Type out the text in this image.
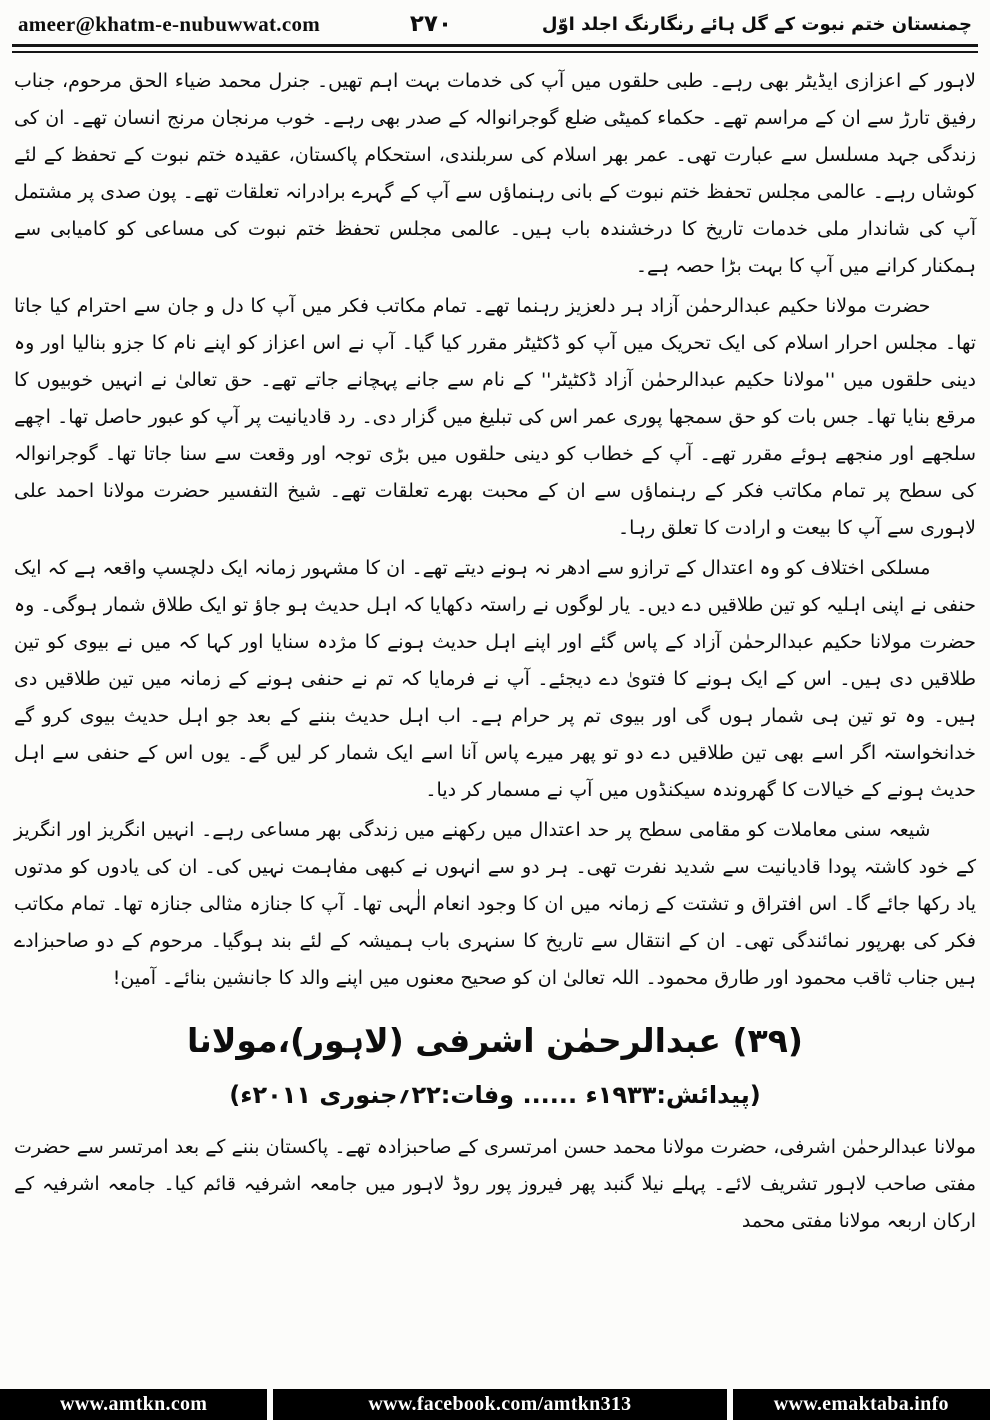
ameer@khatm-e-nubuwwat.com	۲۷۰	چمنستان ختم نبوت کے گل ہائے رنگارنگ اجلد اوّل

لاہور کے اعزازی ایڈیٹر بھی رہے۔ طبی حلقوں میں آپ کی خدمات بہت اہم تھیں۔ جنرل محمد ضیاء الحق مرحوم، جناب رفیق تارڑ سے ان کے مراسم تھے۔ حکماء کمیٹی ضلع گوجرانوالہ کے صدر بھی رہے۔ خوب مرنجان مرنج انسان تھے۔ ان کی زندگی جہد مسلسل سے عبارت تھی۔ عمر بھر اسلام کی سربلندی، استحکام پاکستان، عقیدہ ختم نبوت کے تحفظ کے لئے کوشاں رہے۔ عالمی مجلس تحفظ ختم نبوت کے بانی رہنماؤں سے آپ کے گہرے برادرانہ تعلقات تھے۔ پون صدی پر مشتمل آپ کی شاندار ملی خدمات تاریخ کا درخشندہ باب ہیں۔ عالمی مجلس تحفظ ختم نبوت کی مساعی کو کامیابی سے ہمکنار کرانے میں آپ کا بہت بڑا حصہ ہے۔

حضرت مولانا حکیم عبدالرحمٰن آزاد ہر دلعزیز رہنما تھے۔ تمام مکاتب فکر میں آپ کا دل و جان سے احترام کیا جاتا تھا۔ مجلس احرار اسلام کی ایک تحریک میں آپ کو ڈکٹیٹر مقرر کیا گیا۔ آپ نے اس اعزاز کو اپنے نام کا جزو بنالیا اور وہ دینی حلقوں میں ''مولانا حکیم عبدالرحمٰن آزاد ڈکٹیٹر'' کے نام سے جانے پہچانے جاتے تھے۔ حق تعالیٰ نے انہیں خوبیوں کا مرقع بنایا تھا۔ جس بات کو حق سمجھا پوری عمر اس کی تبلیغ میں گزار دی۔ رد قادیانیت پر آپ کو عبور حاصل تھا۔ اچھے سلجھے اور منجھے ہوئے مقرر تھے۔ آپ کے خطاب کو دینی حلقوں میں بڑی توجہ اور وقعت سے سنا جاتا تھا۔ گوجرانوالہ کی سطح پر تمام مکاتب فکر کے رہنماؤں سے ان کے محبت بھرے تعلقات تھے۔ شیخ التفسیر حضرت مولانا احمد علی لاہوری سے آپ کا بیعت و ارادت کا تعلق رہا۔

مسلکی اختلاف کو وہ اعتدال کے ترازو سے ادھر نہ ہونے دیتے تھے۔ ان کا مشہور زمانہ ایک دلچسپ واقعہ ہے کہ ایک حنفی نے اپنی اہلیہ کو تین طلاقیں دے دیں۔ یار لوگوں نے راستہ دکھایا کہ اہل حدیث ہو جاؤ تو ایک طلاق شمار ہوگی۔ وہ حضرت مولانا حکیم عبدالرحمٰن آزاد کے پاس گئے اور اپنے اہل حدیث ہونے کا مژدہ سنایا اور کہا کہ میں نے بیوی کو تین طلاقیں دی ہیں۔ اس کے ایک ہونے کا فتویٰ دے دیجئے۔ آپ نے فرمایا کہ تم نے حنفی ہونے کے زمانہ میں تین طلاقیں دی ہیں۔ وہ تو تین ہی شمار ہوں گی اور بیوی تم پر حرام ہے۔ اب اہل حدیث بننے کے بعد جو اہل حدیث بیوی کرو گے خدانخواستہ اگر اسے بھی تین طلاقیں دے دو تو پھر میرے پاس آنا اسے ایک شمار کر لیں گے۔ یوں اس کے حنفی سے اہل حدیث ہونے کے خیالات کا گھروندہ سیکنڈوں میں آپ نے مسمار کر دیا۔

شیعہ سنی معاملات کو مقامی سطح پر حد اعتدال میں رکھنے میں زندگی بھر مساعی رہے۔ انہیں انگریز اور انگریز کے خود کاشتہ پودا قادیانیت سے شدید نفرت تھی۔ ہر دو سے انہوں نے کبھی مفاہمت نہیں کی۔ ان کی یادوں کو مدتوں یاد رکھا جائے گا۔ اس افتراق و تشتت کے زمانہ میں ان کا وجود انعام الٰہی تھا۔ آپ کا جنازہ مثالی جنازہ تھا۔ تمام مکاتب فکر کی بھرپور نمائندگی تھی۔ ان کے انتقال سے تاریخ کا سنہری باب ہمیشہ کے لئے بند ہوگیا۔ مرحوم کے دو صاحبزادے ہیں جناب ثاقب محمود اور طارق محمود۔ اللہ تعالیٰ ان کو صحیح معنوں میں اپنے والد کا جانشین بنائے۔ آمین!

(۳۹) عبدالرحمٰن اشرفی (لاہور)،مولانا
(پیدائش:۱۹۳۳ء ...... وفات:۲۲؍جنوری ۲۰۱۱ء)

مولانا عبدالرحمٰن اشرفی، حضرت مولانا محمد حسن امرتسری کے صاحبزادہ تھے۔ پاکستان بننے کے بعد امرتسر سے حضرت مفتی صاحب لاہور تشریف لائے۔ پہلے نیلا گنبد پھر فیروز پور روڈ لاہور میں جامعہ اشرفیہ قائم کیا۔ جامعہ اشرفیہ کے ارکان اربعہ مولانا مفتی محمد

www.amtkn.com	www.facebook.com/amtkn313	www.emaktaba.info
